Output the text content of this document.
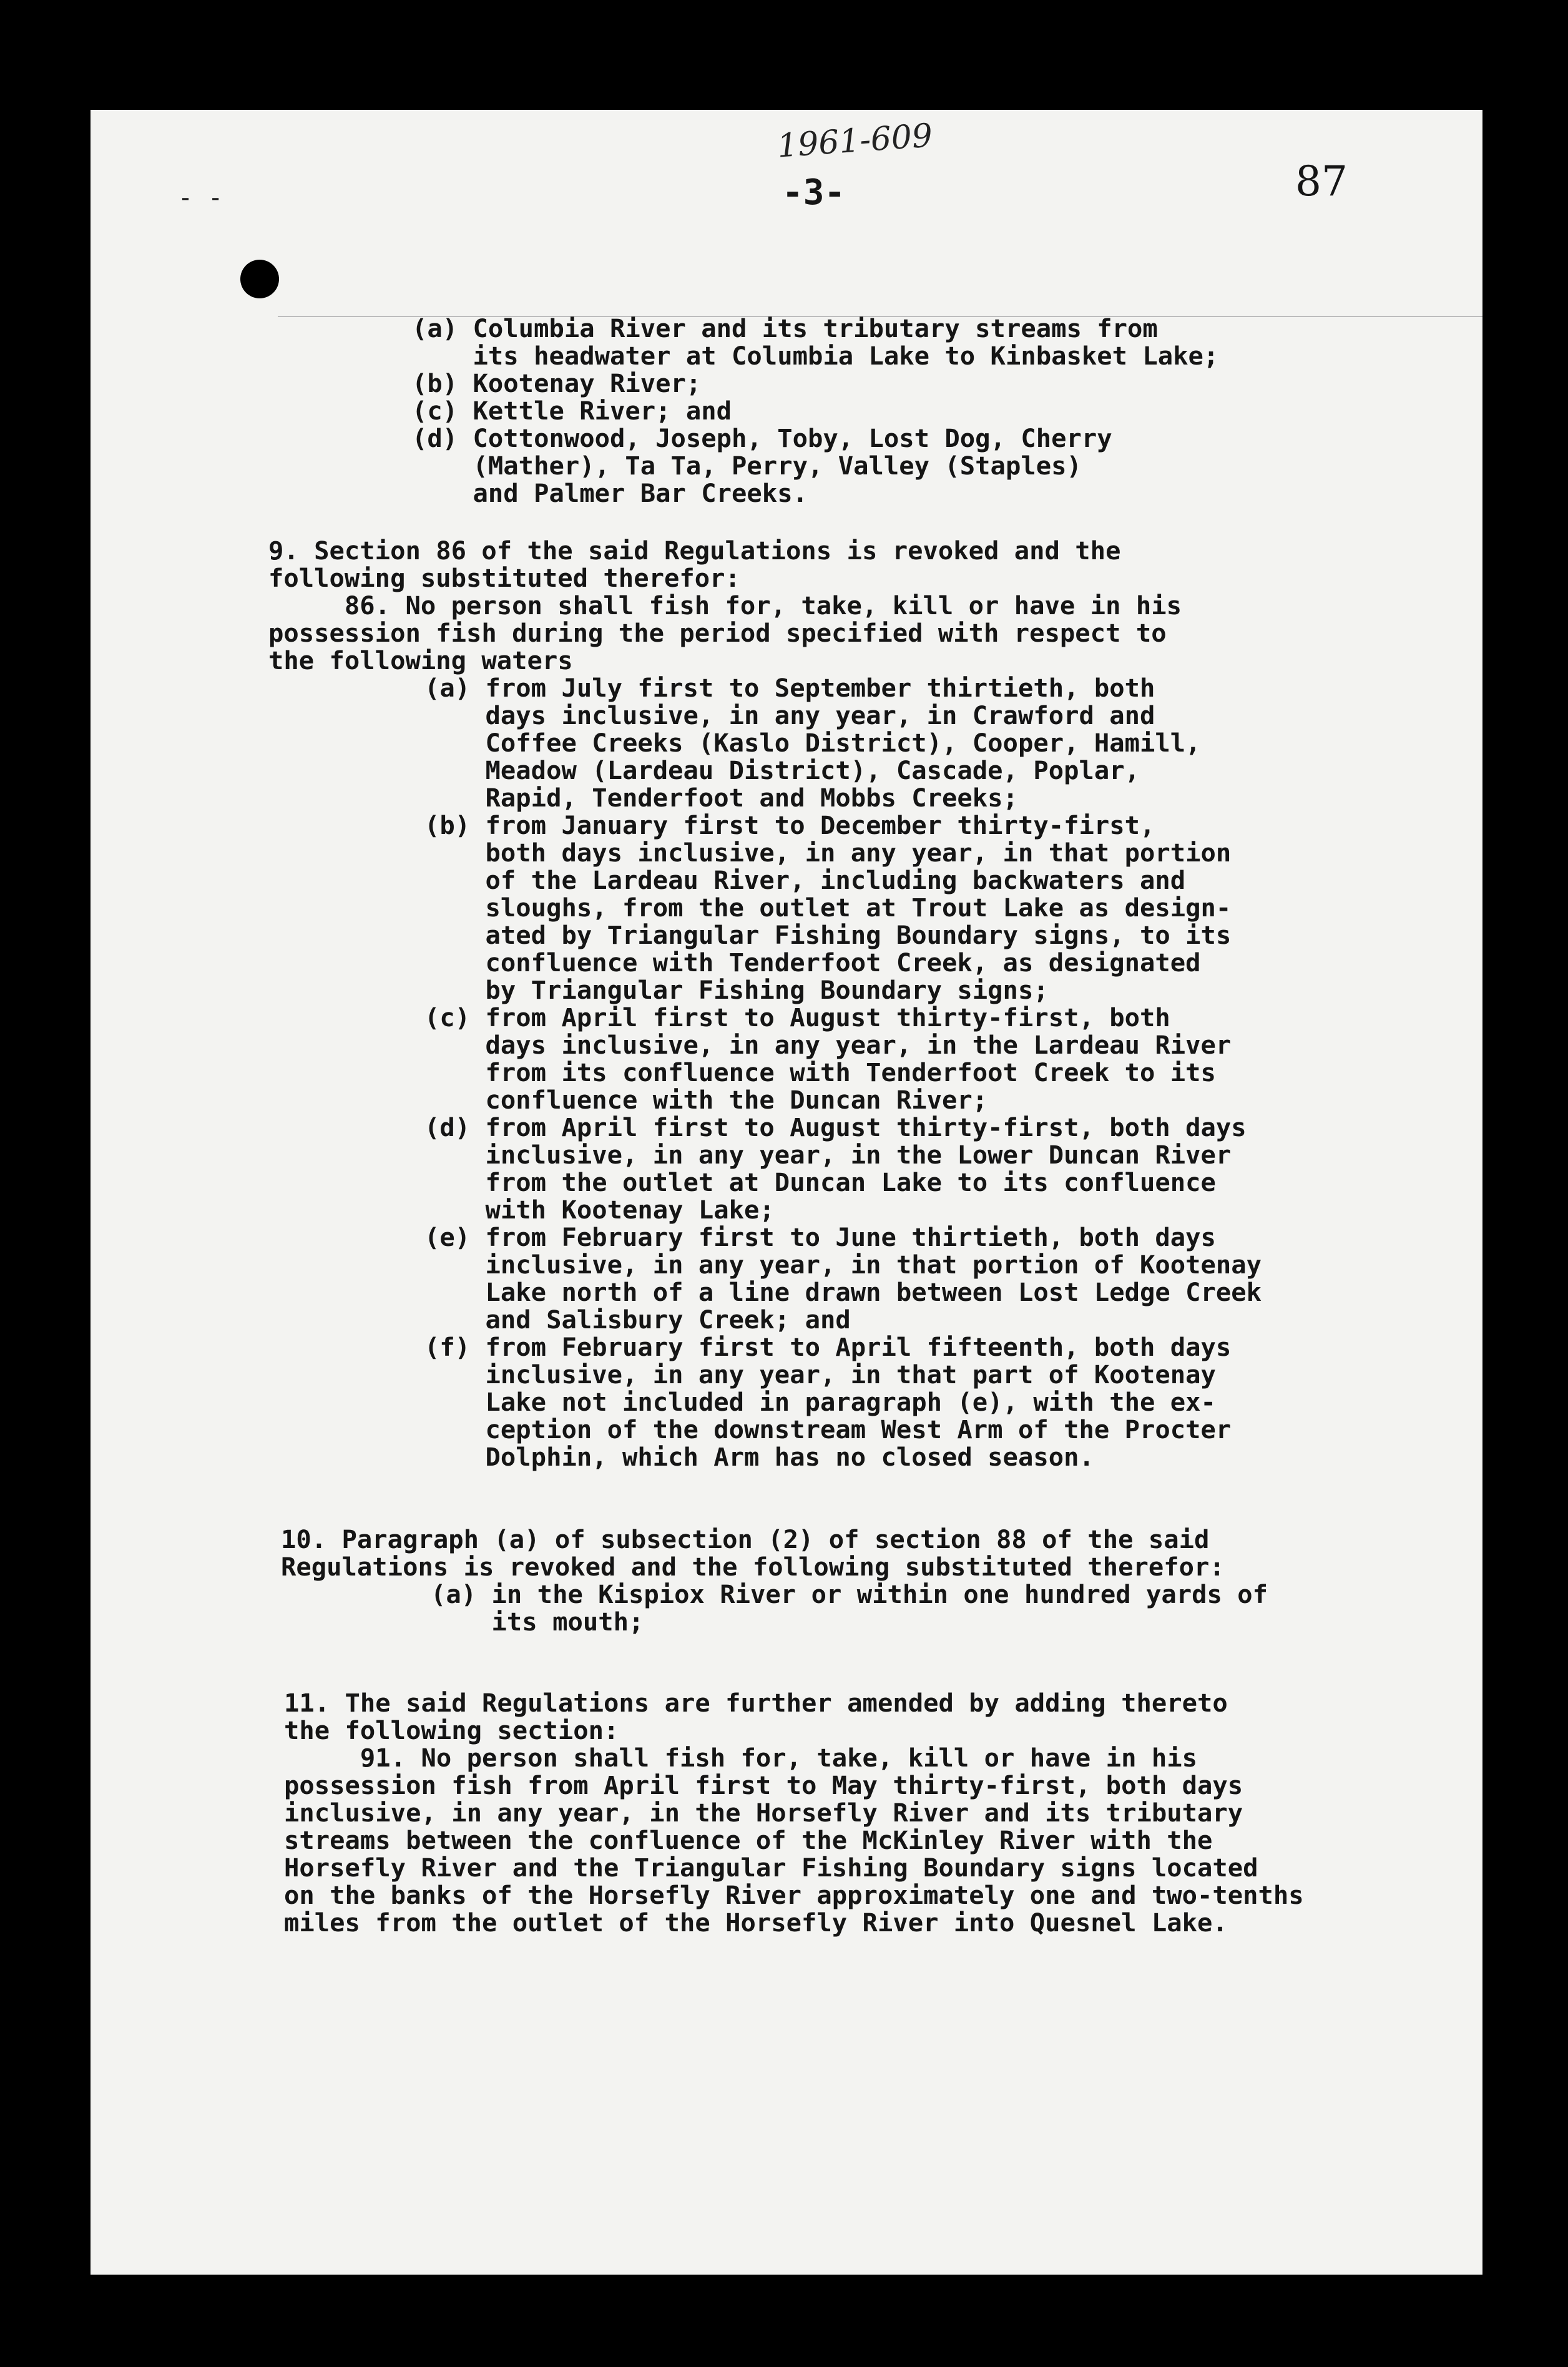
- -
1961-609
-3-	87
(a) Columbia River and its tributary streams from
its headwater at Columbia Lake to Kinbasket Lake;
(b) Kootenay River;
(c) Kettle River; and
(d) Cottonwood, Joseph, Toby, Lost Dog, Cherry
(Mather), Ta Ta, Perry, Valley (Staples)
and Palmer Bar Creeks.
9. Section 86 of the said Regulations is revoked and the
following substituted therefor:
86. No person shall fish for, take, kill or have in his
possession fish during the period specified with respect to
the following waters
(a) from July first to September thirtieth, both
days inclusive, in any year, in Crawford and
Coffee Creeks (Kaslo District), Cooper, Hamill,
Meadow (Lardeau District), Cascade, Poplar,
Rapid, Tenderfoot and Mobbs Creeks;
(b) from January first to December thirty-first,
both days inclusive, in any year, in that portion
of the Lardeau River, including backwaters and
sloughs, from the outlet at Trout Lake as design-
ated by Triangular Fishing Boundary signs, to its
confluence with Tenderfoot Creek, as designated
by Triangular Fishing Boundary signs;
(c) from April first to August thirty-first, both
days inclusive, in any year, in the Lardeau River
from its confluence with Tenderfoot Creek to its
confluence with the Duncan River;
(d) from April first to August thirty-first, both days
inclusive, in any year, in the Lower Duncan River
from the outlet at Duncan Lake to its confluence
with Kootenay Lake;
(e) from February first to June thirtieth, both days
inclusive, in any year, in that portion of Kootenay
Lake north of a line drawn between Lost Ledge Creek
and Salisbury Creek; and
(f) from February first to April fifteenth, both days
inclusive, in any year, in that part of Kootenay
Lake not included in paragraph (e), with the ex-
ception of the downstream West Arm of the Procter
Dolphin, which Arm has no closed season.
10. Paragraph (a) of subsection (2) of section 88 of the said
Regulations is revoked and the following substituted therefor:
(a) in the Kispiox River or within one hundred yards of
its mouth;
11. The said Regulations are further amended by adding thereto
the following section:
91. No person shall fish for, take, kill or have in his
possession fish from April first to May thirty-first, both days
inclusive, in any year, in the Horsefly River and its tributary
streams between the confluence of the McKinley River with the
Horsefly River and the Triangular Fishing Boundary signs located
on the banks of the Horsefly River approximately one and two-tenths
miles from the outlet of the Horsefly River into Quesnel Lake.
